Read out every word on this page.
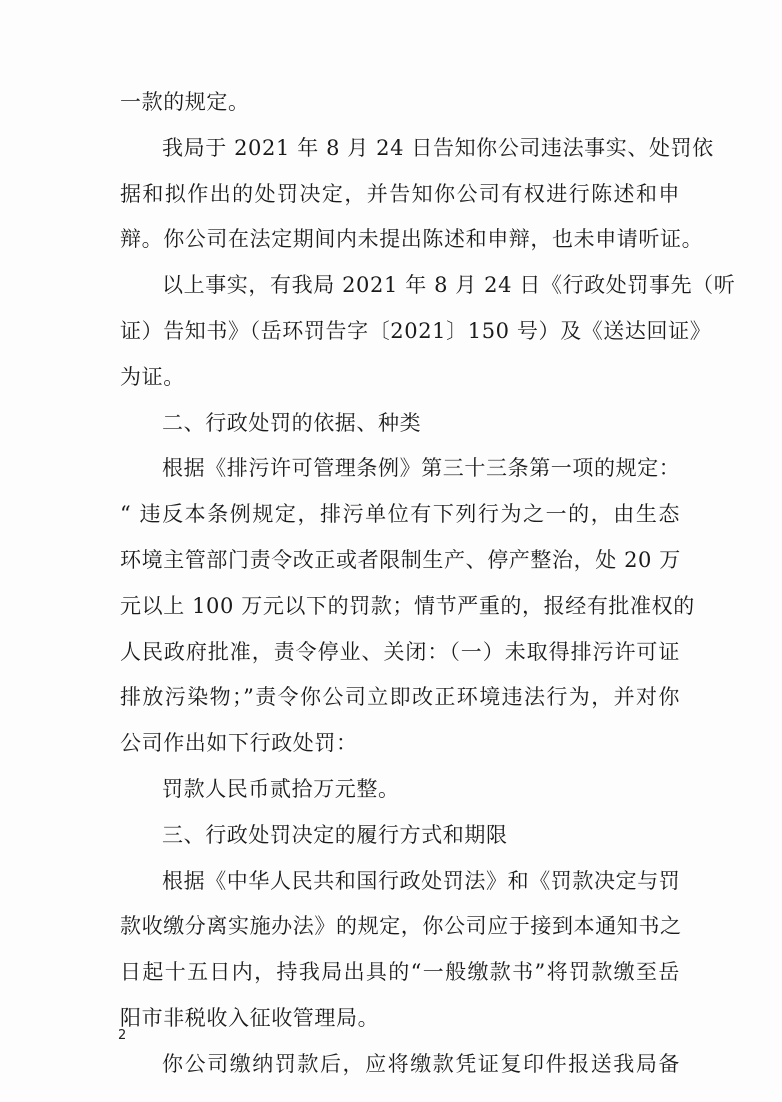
一款的规定。
我局于 2021 年 8 月 24 日告知你公司违法事实、处罚依
据和拟作出的处罚决定，并告知你公司有权进行陈述和申
辩。你公司在法定期间内未提出陈述和申辩，也未申请听证。
以上事实，有我局 2021 年 8 月 24 日《行政处罚事先（听
证）告知书》（岳环罚告字〔2021〕150 号）及《送达回证》
为证。
二、行政处罚的依据、种类
根据《排污许可管理条例》第三十三条第一项的规定：
“ 违反本条例规定，排污单位有下列行为之一的，由生态
环境主管部门责令改正或者限制生产、停产整治，处 20 万
元以上 100 万元以下的罚款；情节严重的，报经有批准权的
人民政府批准，责令停业、关闭：（一）未取得排污许可证
排放污染物；”责令你公司立即改正环境违法行为，并对你
公司作出如下行政处罚：
罚款人民币贰拾万元整。
三、行政处罚决定的履行方式和期限
根据《中华人民共和国行政处罚法》和《罚款决定与罚
款收缴分离实施办法》的规定，你公司应于接到本通知书之
日起十五日内，持我局出具的“一般缴款书”将罚款缴至岳
阳市非税收入征收管理局。
你公司缴纳罚款后，应将缴款凭证复印件报送我局备
2
